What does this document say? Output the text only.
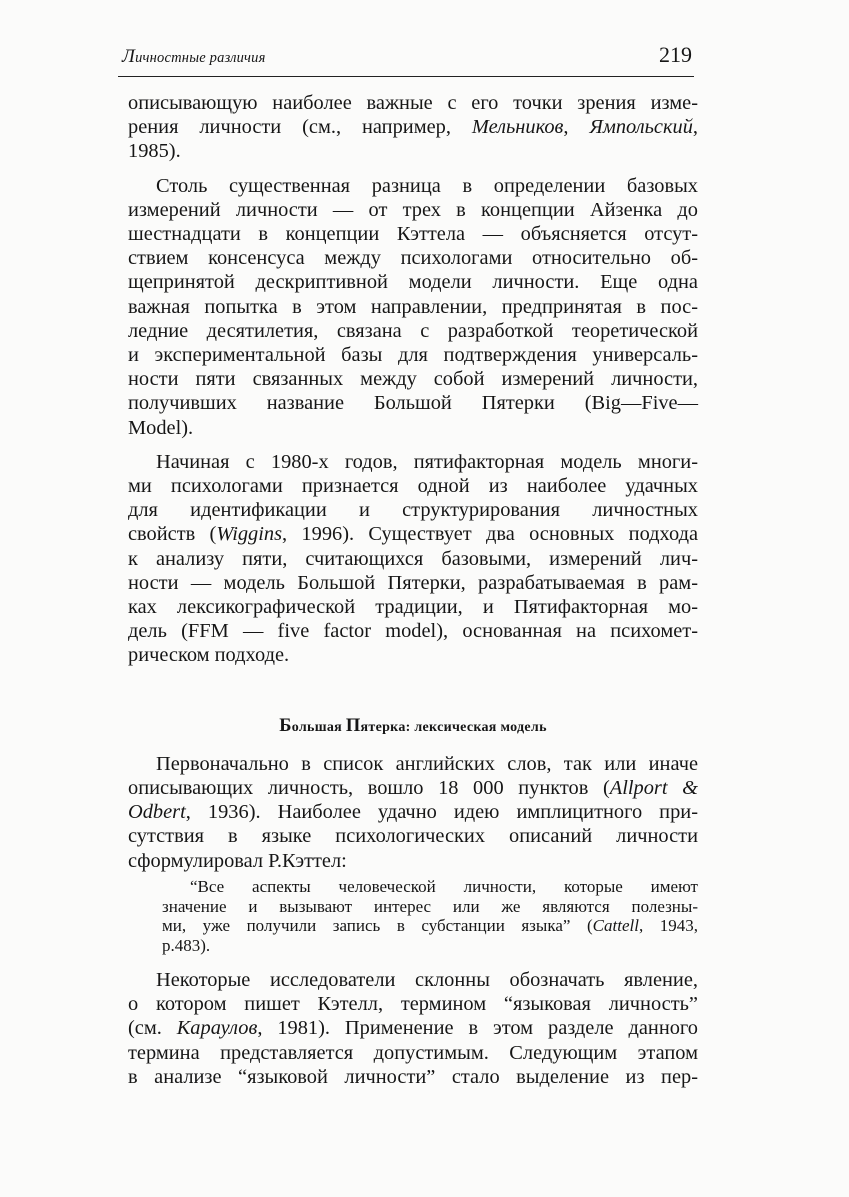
Личностные различия	219

описывающую наиболее важные с его точки зрения изме-
рения личности (см., например, Мельников, Ямпольский,
1985).

Столь существенная разница в определении базовых
измерений личности — от трех в концепции Айзенка до
шестнадцати в концепции Кэттела — объясняется отсут-
ствием консенсуса между психологами относительно об-
щепринятой дескриптивной модели личности. Еще одна
важная попытка в этом направлении, предпринятая в пос-
ледние десятилетия, связана с разработкой теоретической
и экспериментальной базы для подтверждения универсаль-
ности пяти связанных между собой измерений личности,
получивших название Большой Пятерки (Big—Five—
Model).

Начиная с 1980-х годов, пятифакторная модель многи-
ми психологами признается одной из наиболее удачных
для идентификации и структурирования личностных
свойств (Wiggins, 1996). Существует два основных подхода
к анализу пяти, считающихся базовыми, измерений лич-
ности — модель Большой Пятерки, разрабатываемая в рам-
ках лексикографической традиции, и Пятифакторная мо-
дель (FFM — five factor model), основанная на психомет-
рическом подходе.

Большая Пятерка: лексическая модель

Первоначально в список английских слов, так или иначе
описывающих личность, вошло 18 000 пунктов (Allport &
Odbert, 1936). Наиболее удачно идею имплицитного при-
сутствия в языке психологических описаний личности
сформулировал Р.Кэттел:

“Все аспекты человеческой личности, которые имеют
значение и вызывают интерес или же являются полезны-
ми, уже получили запись в субстанции языка” (Cattell, 1943,
p.483).

Некоторые исследователи склонны обозначать явление,
о котором пишет Кэтелл, термином “языковая личность”
(см. Караулов, 1981). Применение в этом разделе данного
термина представляется допустимым. Следующим этапом
в анализе “языковой личности” стало выделение из пер-
